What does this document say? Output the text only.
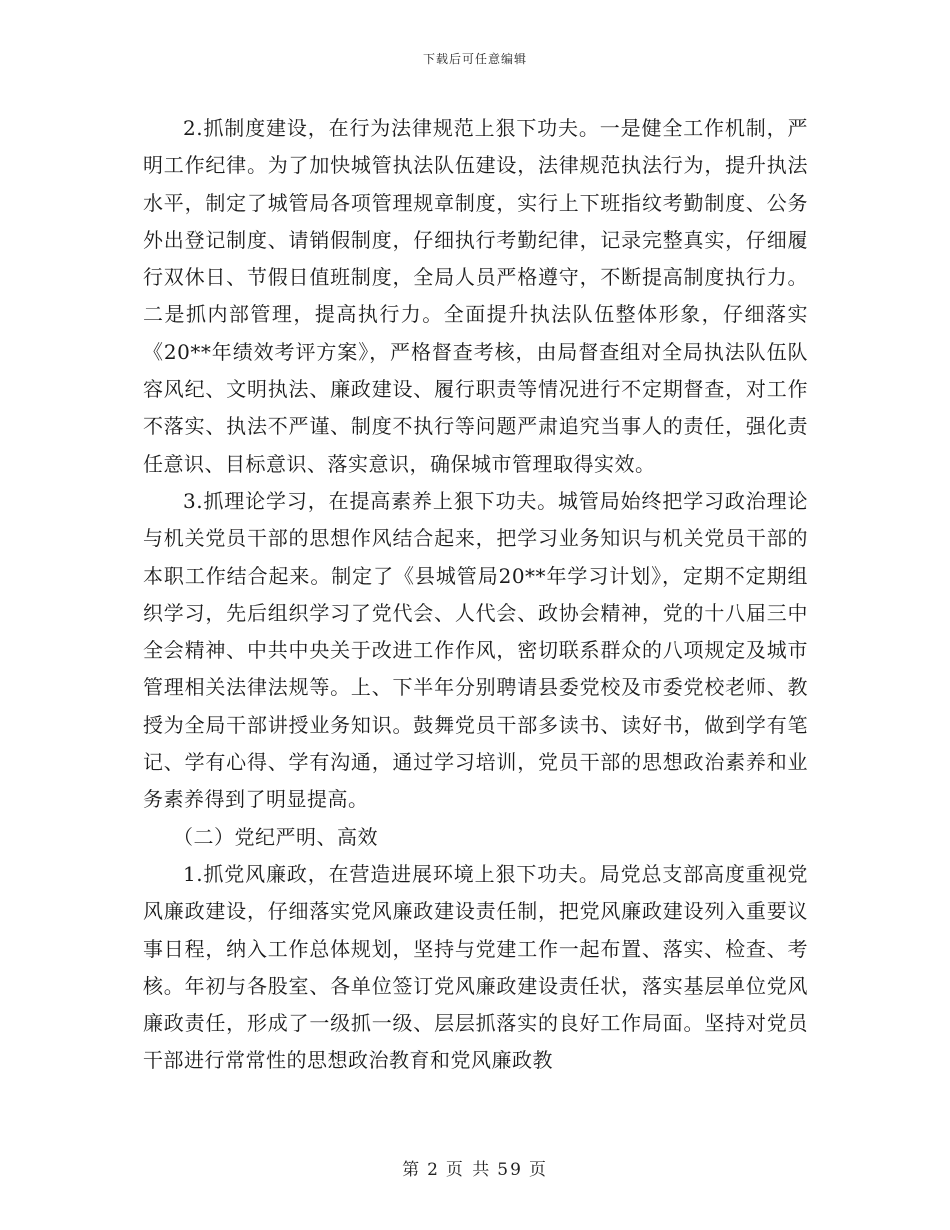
下载后可任意编辑

2.抓制度建设，在行为法律规范上狠下功夫。一是健全工作机制，严明工作纪律。为了加快城管执法队伍建设，法律规范执法行为，提升执法水平，制定了城管局各项管理规章制度，实行上下班指纹考勤制度、公务外出登记制度、请销假制度，仔细执行考勤纪律，记录完整真实，仔细履行双休日、节假日值班制度，全局人员严格遵守，不断提高制度执行力。二是抓内部管理，提高执行力。全面提升执法队伍整体形象，仔细落实《20**年绩效考评方案》，严格督查考核，由局督查组对全局执法队伍队容风纪、文明执法、廉政建设、履行职责等情况进行不定期督查，对工作不落实、执法不严谨、制度不执行等问题严肃追究当事人的责任，强化责任意识、目标意识、落实意识，确保城市管理取得实效。

3.抓理论学习，在提高素养上狠下功夫。城管局始终把学习政治理论与机关党员干部的思想作风结合起来，把学习业务知识与机关党员干部的本职工作结合起来。制定了《县城管局20**年学习计划》，定期不定期组织学习，先后组织学习了党代会、人代会、政协会精神，党的十八届三中全会精神、中共中央关于改进工作作风，密切联系群众的八项规定及城市管理相关法律法规等。上、下半年分别聘请县委党校及市委党校老师、教授为全局干部讲授业务知识。鼓舞党员干部多读书、读好书，做到学有笔记、学有心得、学有沟通，通过学习培训，党员干部的思想政治素养和业务素养得到了明显提高。

（二）党纪严明、高效

1.抓党风廉政，在营造进展环境上狠下功夫。局党总支部高度重视党风廉政建设，仔细落实党风廉政建设责任制，把党风廉政建设列入重要议事日程，纳入工作总体规划，坚持与党建工作一起布置、落实、检查、考核。年初与各股室、各单位签订党风廉政建设责任状，落实基层单位党风廉政责任，形成了一级抓一级、层层抓落实的良好工作局面。坚持对党员干部进行常常性的思想政治教育和党风廉政教

第 2 页 共 59 页
